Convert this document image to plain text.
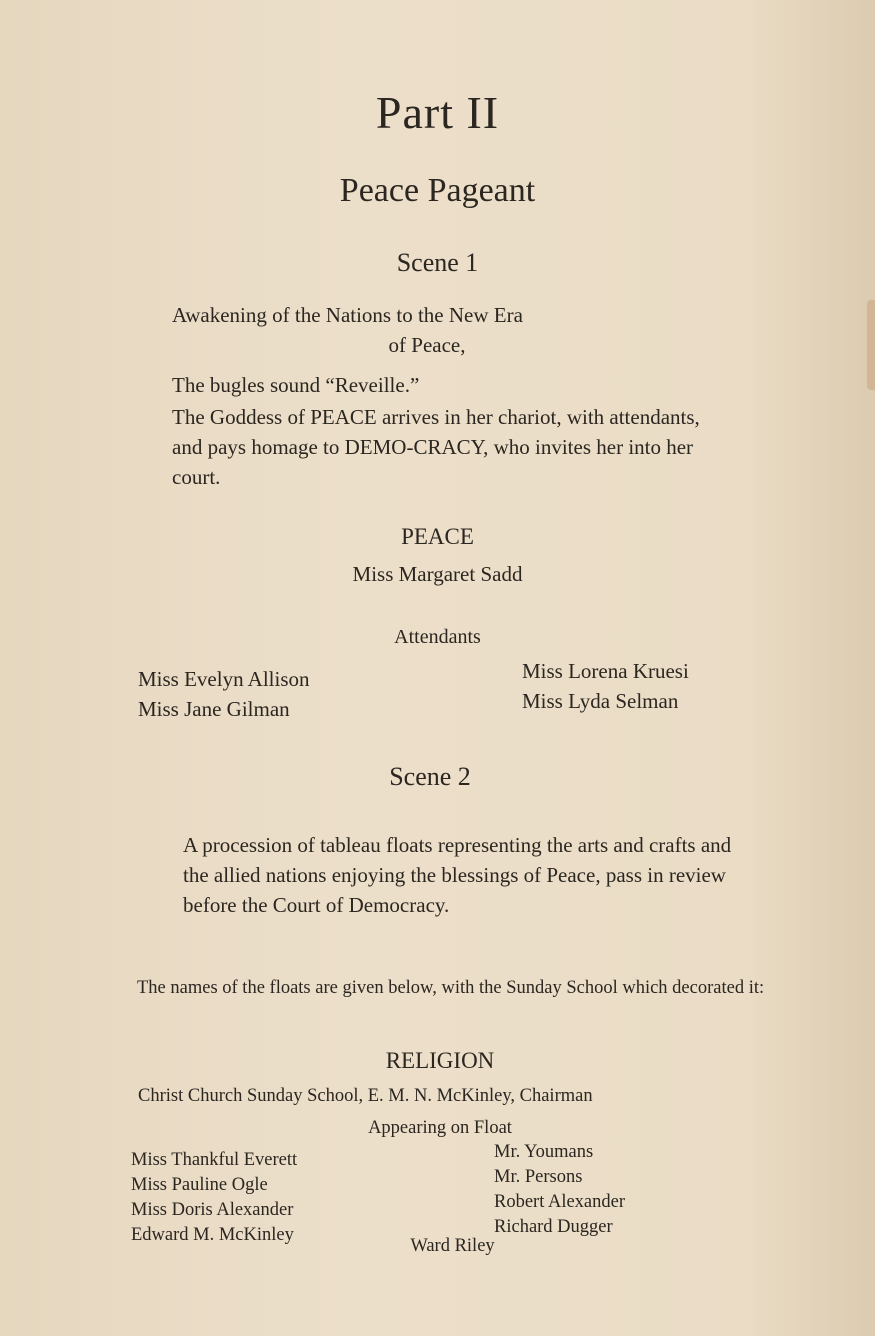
Part II
Peace Pageant
Scene 1
Awakening of the Nations to the New Era
of Peace,
The bugles sound “Reveille.”
The Goddess of PEACE arrives in her chariot, with attendants, and pays homage to DEMO-CRACY, who invites her into her court.
PEACE
Miss Margaret Sadd
Attendants
Miss Evelyn Allison
Miss Jane Gilman
Miss Lorena Kruesi
Miss Lyda Selman
Scene 2
A procession of tableau floats representing the arts and crafts and the allied nations enjoying the blessings of Peace, pass in review before the Court of Democracy.
The names of the floats are given below, with the Sunday School which decorated it:
RELIGION
Christ Church Sunday School, E. M. N. McKinley, Chairman
Appearing on Float
Miss Thankful Everett
Miss Pauline Ogle
Miss Doris Alexander
Edward M. McKinley
Mr. Youmans
Mr. Persons
Robert Alexander
Richard Dugger
Ward Riley
